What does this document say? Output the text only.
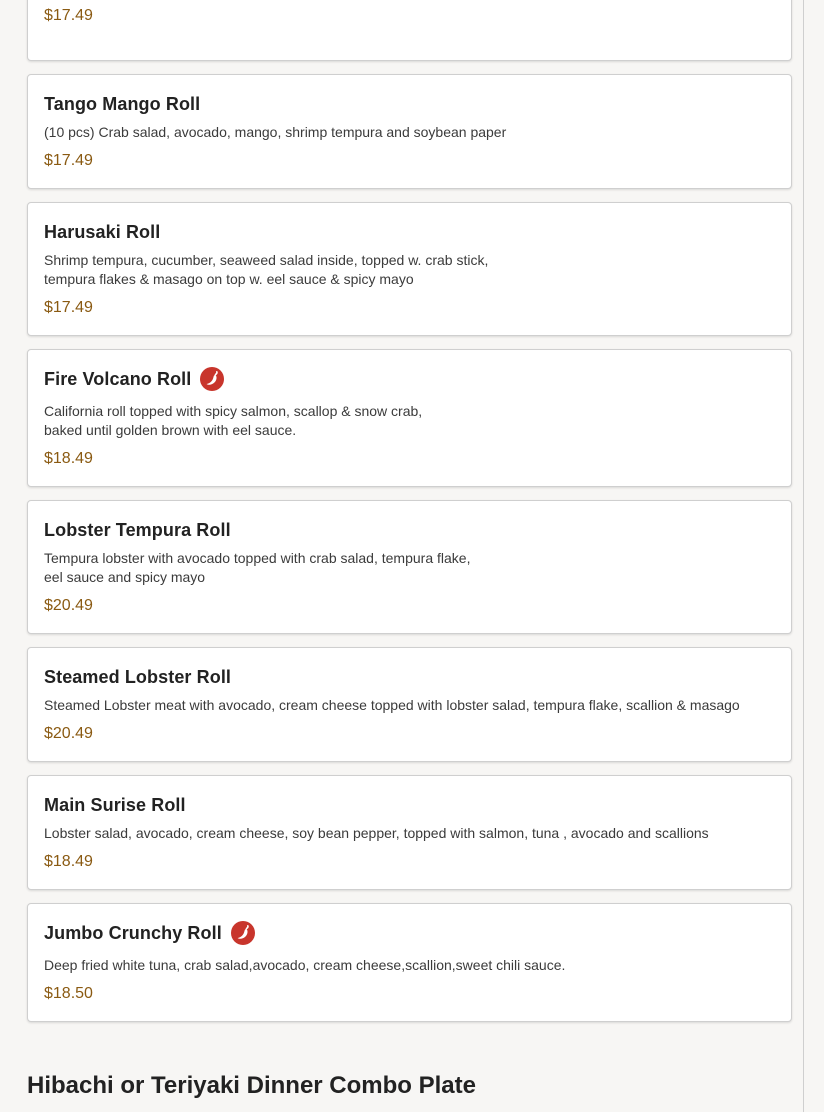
$17.49
Tango Mango Roll
(10 pcs) Crab salad, avocado, mango, shrimp tempura and soybean paper
$17.49
Harusaki Roll
Shrimp tempura, cucumber, seaweed salad inside, topped w. crab stick,
tempura flakes & masago on top w. eel sauce & spicy mayo
$17.49
Fire Volcano Roll
California roll topped with spicy salmon, scallop & snow crab,
baked until golden brown with eel sauce.
$18.49
Lobster Tempura Roll
Tempura lobster with avocado topped with crab salad, tempura flake,
eel sauce and spicy mayo
$20.49
Steamed Lobster Roll
Steamed Lobster meat with avocado, cream cheese topped with lobster salad, tempura flake, scallion & masago
$20.49
Main Surise Roll
Lobster salad, avocado, cream cheese, soy bean pepper, topped with salmon, tuna , avocado and scallions
$18.49
Jumbo Crunchy Roll
Deep fried white tuna, crab salad,avocado, cream cheese,scallion,sweet chili sauce.
$18.50
Hibachi or Teriyaki Dinner Combo Plate
